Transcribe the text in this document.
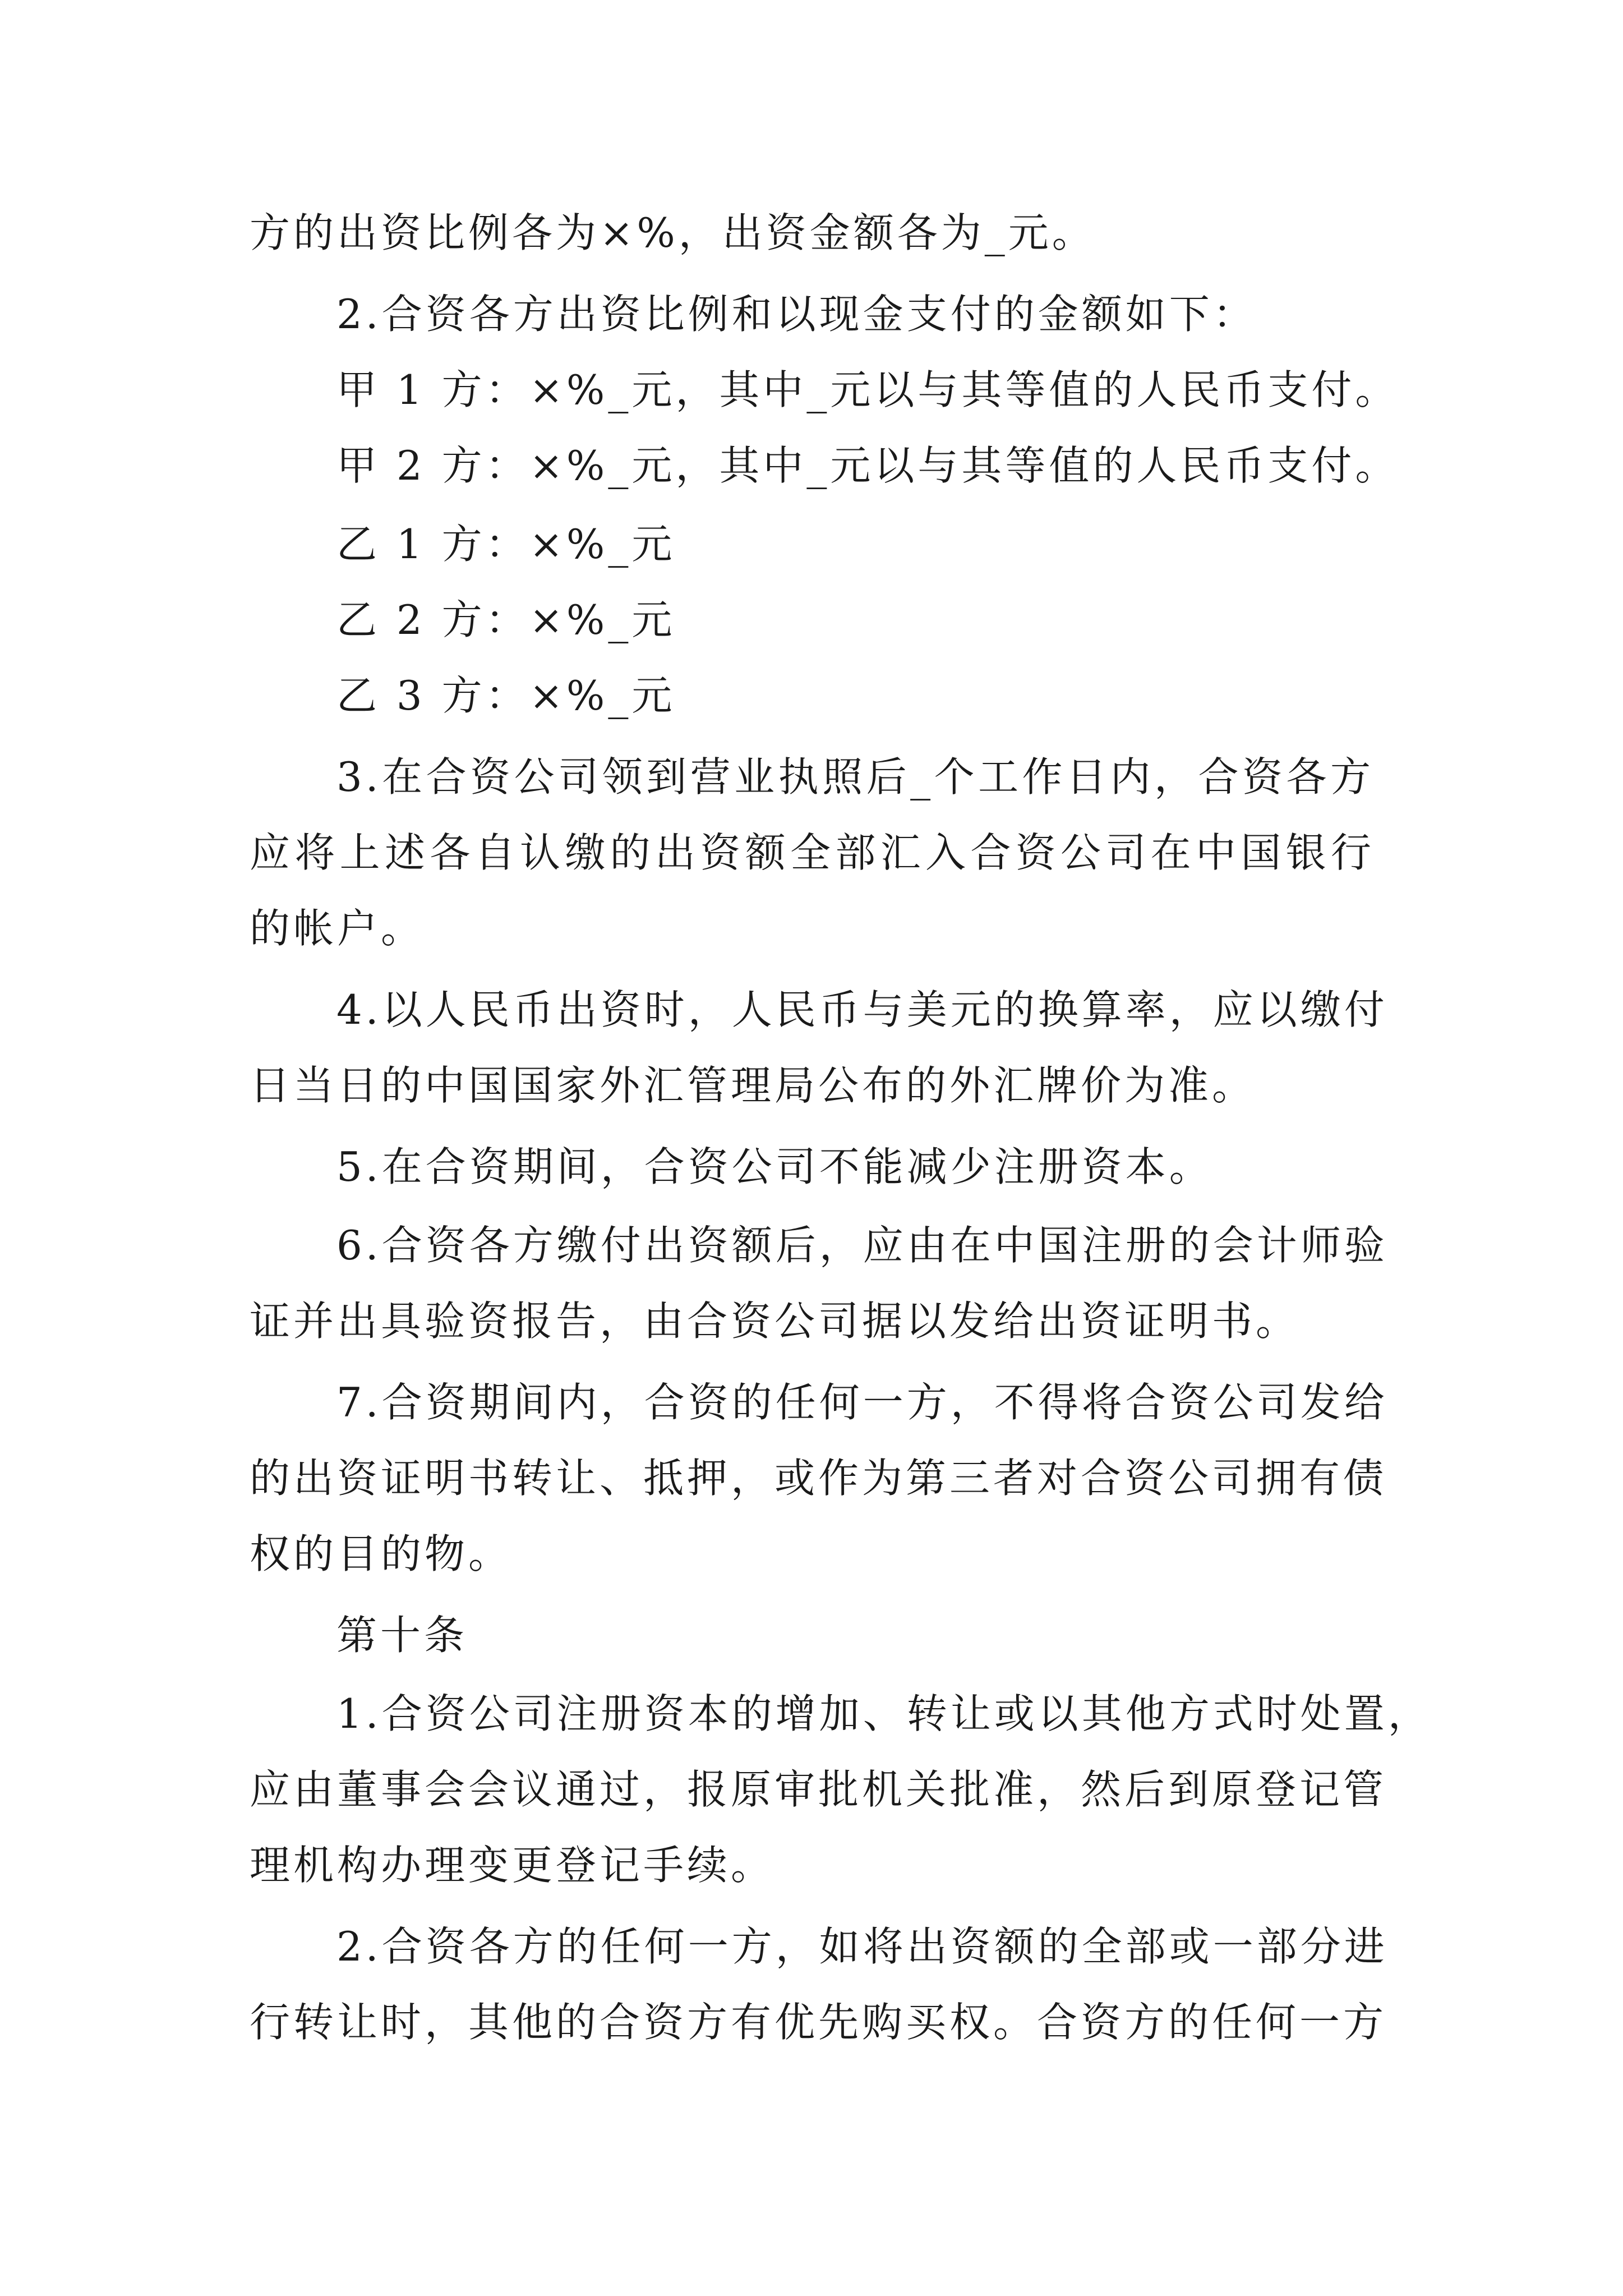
方的出资比例各为×%，出资金额各为_元。
2.合资各方出资比例和以现金支付的金额如下：
甲 1 方：×%_元，其中_元以与其等值的人民币支付。
甲 2 方：×%_元，其中_元以与其等值的人民币支付。
乙 1 方：×%_元
乙 2 方：×%_元
乙 3 方：×%_元
3.在合资公司领到营业执照后_个工作日内，合资各方
应将上述各自认缴的出资额全部汇入合资公司在中国银行
的帐户。
4.以人民币出资时，人民币与美元的换算率，应以缴付
日当日的中国国家外汇管理局公布的外汇牌价为准。
5.在合资期间，合资公司不能减少注册资本。
6.合资各方缴付出资额后，应由在中国注册的会计师验
证并出具验资报告，由合资公司据以发给出资证明书。
7.合资期间内，合资的任何一方，不得将合资公司发给
的出资证明书转让、抵押，或作为第三者对合资公司拥有债
权的目的物。
第十条
1.合资公司注册资本的增加、转让或以其他方式时处置，
应由董事会会议通过，报原审批机关批准，然后到原登记管
理机构办理变更登记手续。
2.合资各方的任何一方，如将出资额的全部或一部分进
行转让时，其他的合资方有优先购买权。合资方的任何一方
